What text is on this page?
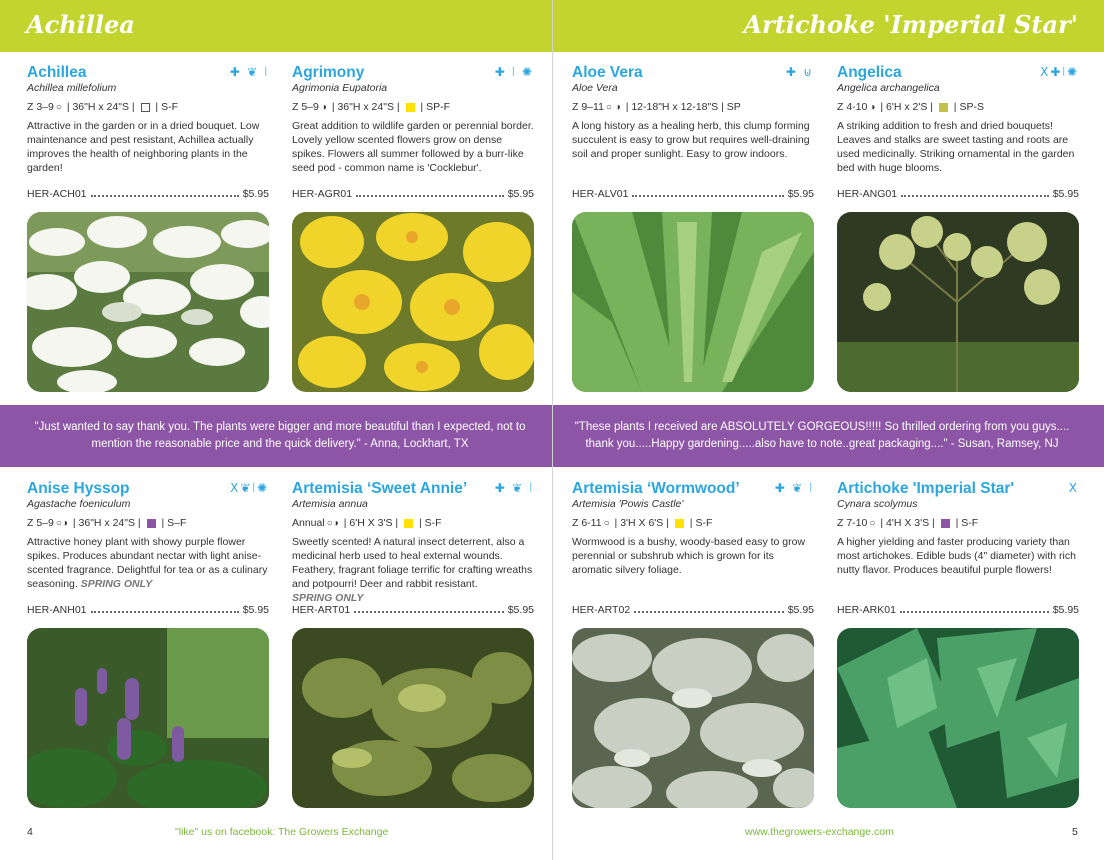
Achillea	Artichoke 'Imperial Star'
Achillea	✚ ❦ ⦚
Achillea millefolium
Z 3–9 ○ | 36"H x 24"S | | S-F
Attractive in the garden or in a dried bouquet. Low maintenance and pest resistant, Achillea actually improves the health of neighboring plants in the garden!
HER-ACH01	$5.95
Agrimony	✚ ⦚ ✺
Agrimonia Eupatoria
Z 5–9 ◑ | 36"H x 24"S | | SP-F
Great addition to wildlife garden or perennial border. Lovely yellow scented flowers grow on dense spikes. Flowers all summer followed by a burr-like seed pod - common name is 'Cocklebur'.
HER-AGR01	$5.95
Aloe Vera	✚ ⊍
Aloe Vera
Z 9–11 ○ ◑ | 12-18"H x 12-18"S | SP
A long history as a healing herb, this clump forming succulent is easy to grow but requires well-draining soil and proper sunlight. Easy to grow indoors.
HER-ALV01	$5.95
Angelica	Ⅹ✚⦚✺
Angelica archangelica
Z 4-10 ◑ | 6'H x 2'S | | SP-S
A striking addition to fresh and dried bouquets! Leaves and stalks are sweet tasting and roots are used medicinally. Striking ornamental in the garden bed with huge blooms.
HER-ANG01	$5.95
"Just wanted to say thank you. The plants were bigger and more beautiful than I expected, not to mention the reasonable price and the quick delivery." - Anna, Lockhart, TX
"These plants I received are ABSOLUTELY GORGEOUS!!!!! So thrilled ordering from you guys.... thank you.....Happy gardening.....also have to note..great packaging...." - Susan, Ramsey, NJ
Anise Hyssop	Ⅹ❦⦚✺
Agastache foeniculum
Z 5–9 ○◑ | 36"H x 24"S | | S–F
Attractive honey plant with showy purple flower spikes. Produces abundant nectar with light anise-scented fragrance. Delightful for tea or as a culinary seasoning. SPRING ONLY
HER-ANH01	$5.95
Artemisia ‘Sweet Annie’	✚ ❦ ⦚
Artemisia annua
Annual ○◑ | 6'H X 3'S | | S-F
Sweetly scented! A natural insect deterrent, also a medicinal herb used to heal external wounds. Feathery, fragrant foliage terrific for crafting wreaths and potpourri! Deer and rabbit resistant.
SPRING ONLY
HER-ART01	$5.95
Artemisia ‘Wormwood’	✚ ❦ ⦚
Artemisia 'Powis Castle'
Z 6-11 ○ | 3'H X 6'S | | S-F
Wormwood is a bushy, woody-based easy to grow perennial or subshrub which is grown for its aromatic silvery foliage.
HER-ART02	$5.95
Artichoke 'Imperial Star'	Ⅹ
Cynara scolymus
Z 7-10 ○ | 4'H X 3'S | | S-F
A higher yielding and faster producing variety than most artichokes. Edible buds (4" diameter) with rich nutty flavor. Produces beautiful purple flowers!
HER-ARK01	$5.95
4	"like" us on facebook: The Growers Exchange	www.thegrowers-exchange.com	5
